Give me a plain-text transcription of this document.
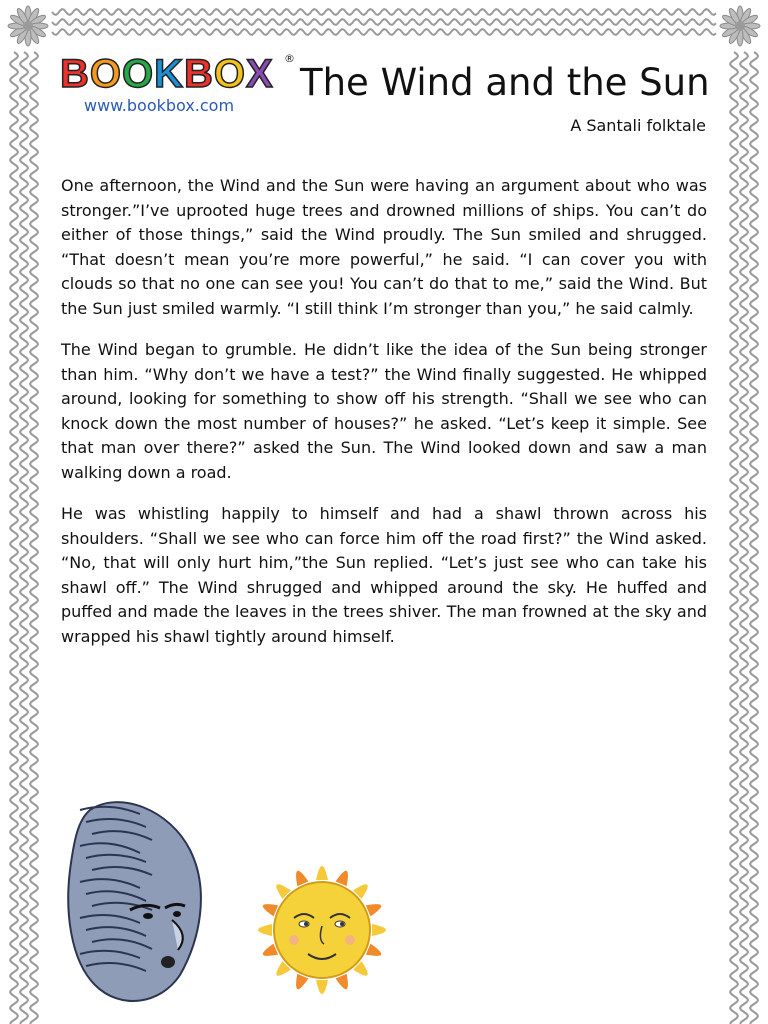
BOOKBOX ®
www.bookbox.com
The Wind and the Sun
A Santali folktale

One afternoon, the Wind and the Sun were having an argument about who was stronger.”I’ve uprooted huge trees and drowned millions of ships. You can’t do either of those things,” said the Wind proudly. The Sun smiled and shrugged. “That doesn’t mean you’re more powerful,” he said. “I can cover you with clouds so that no one can see you! You can’t do that to me,” said the Wind. But the Sun just smiled warmly. “I still think I’m stronger than you,” he said calmly.

The Wind began to grumble. He didn’t like the idea of the Sun being stronger than him. “Why don’t we have a test?” the Wind finally suggested. He whipped around, looking for something to show off his strength. “Shall we see who can knock down the most number of houses?” he asked. “Let’s keep it simple. See that man over there?” asked the Sun. The Wind looked down and saw a man walking down a road.

He was whistling happily to himself and had a shawl thrown across his shoulders. “Shall we see who can force him off the road first?” the Wind asked. “No, that will only hurt him,”the Sun replied. “Let’s just see who can take his shawl off.” The Wind shrugged and whipped around the sky. He huffed and puffed and made the leaves in the trees shiver. The man frowned at the sky and wrapped his shawl tightly around himself.
